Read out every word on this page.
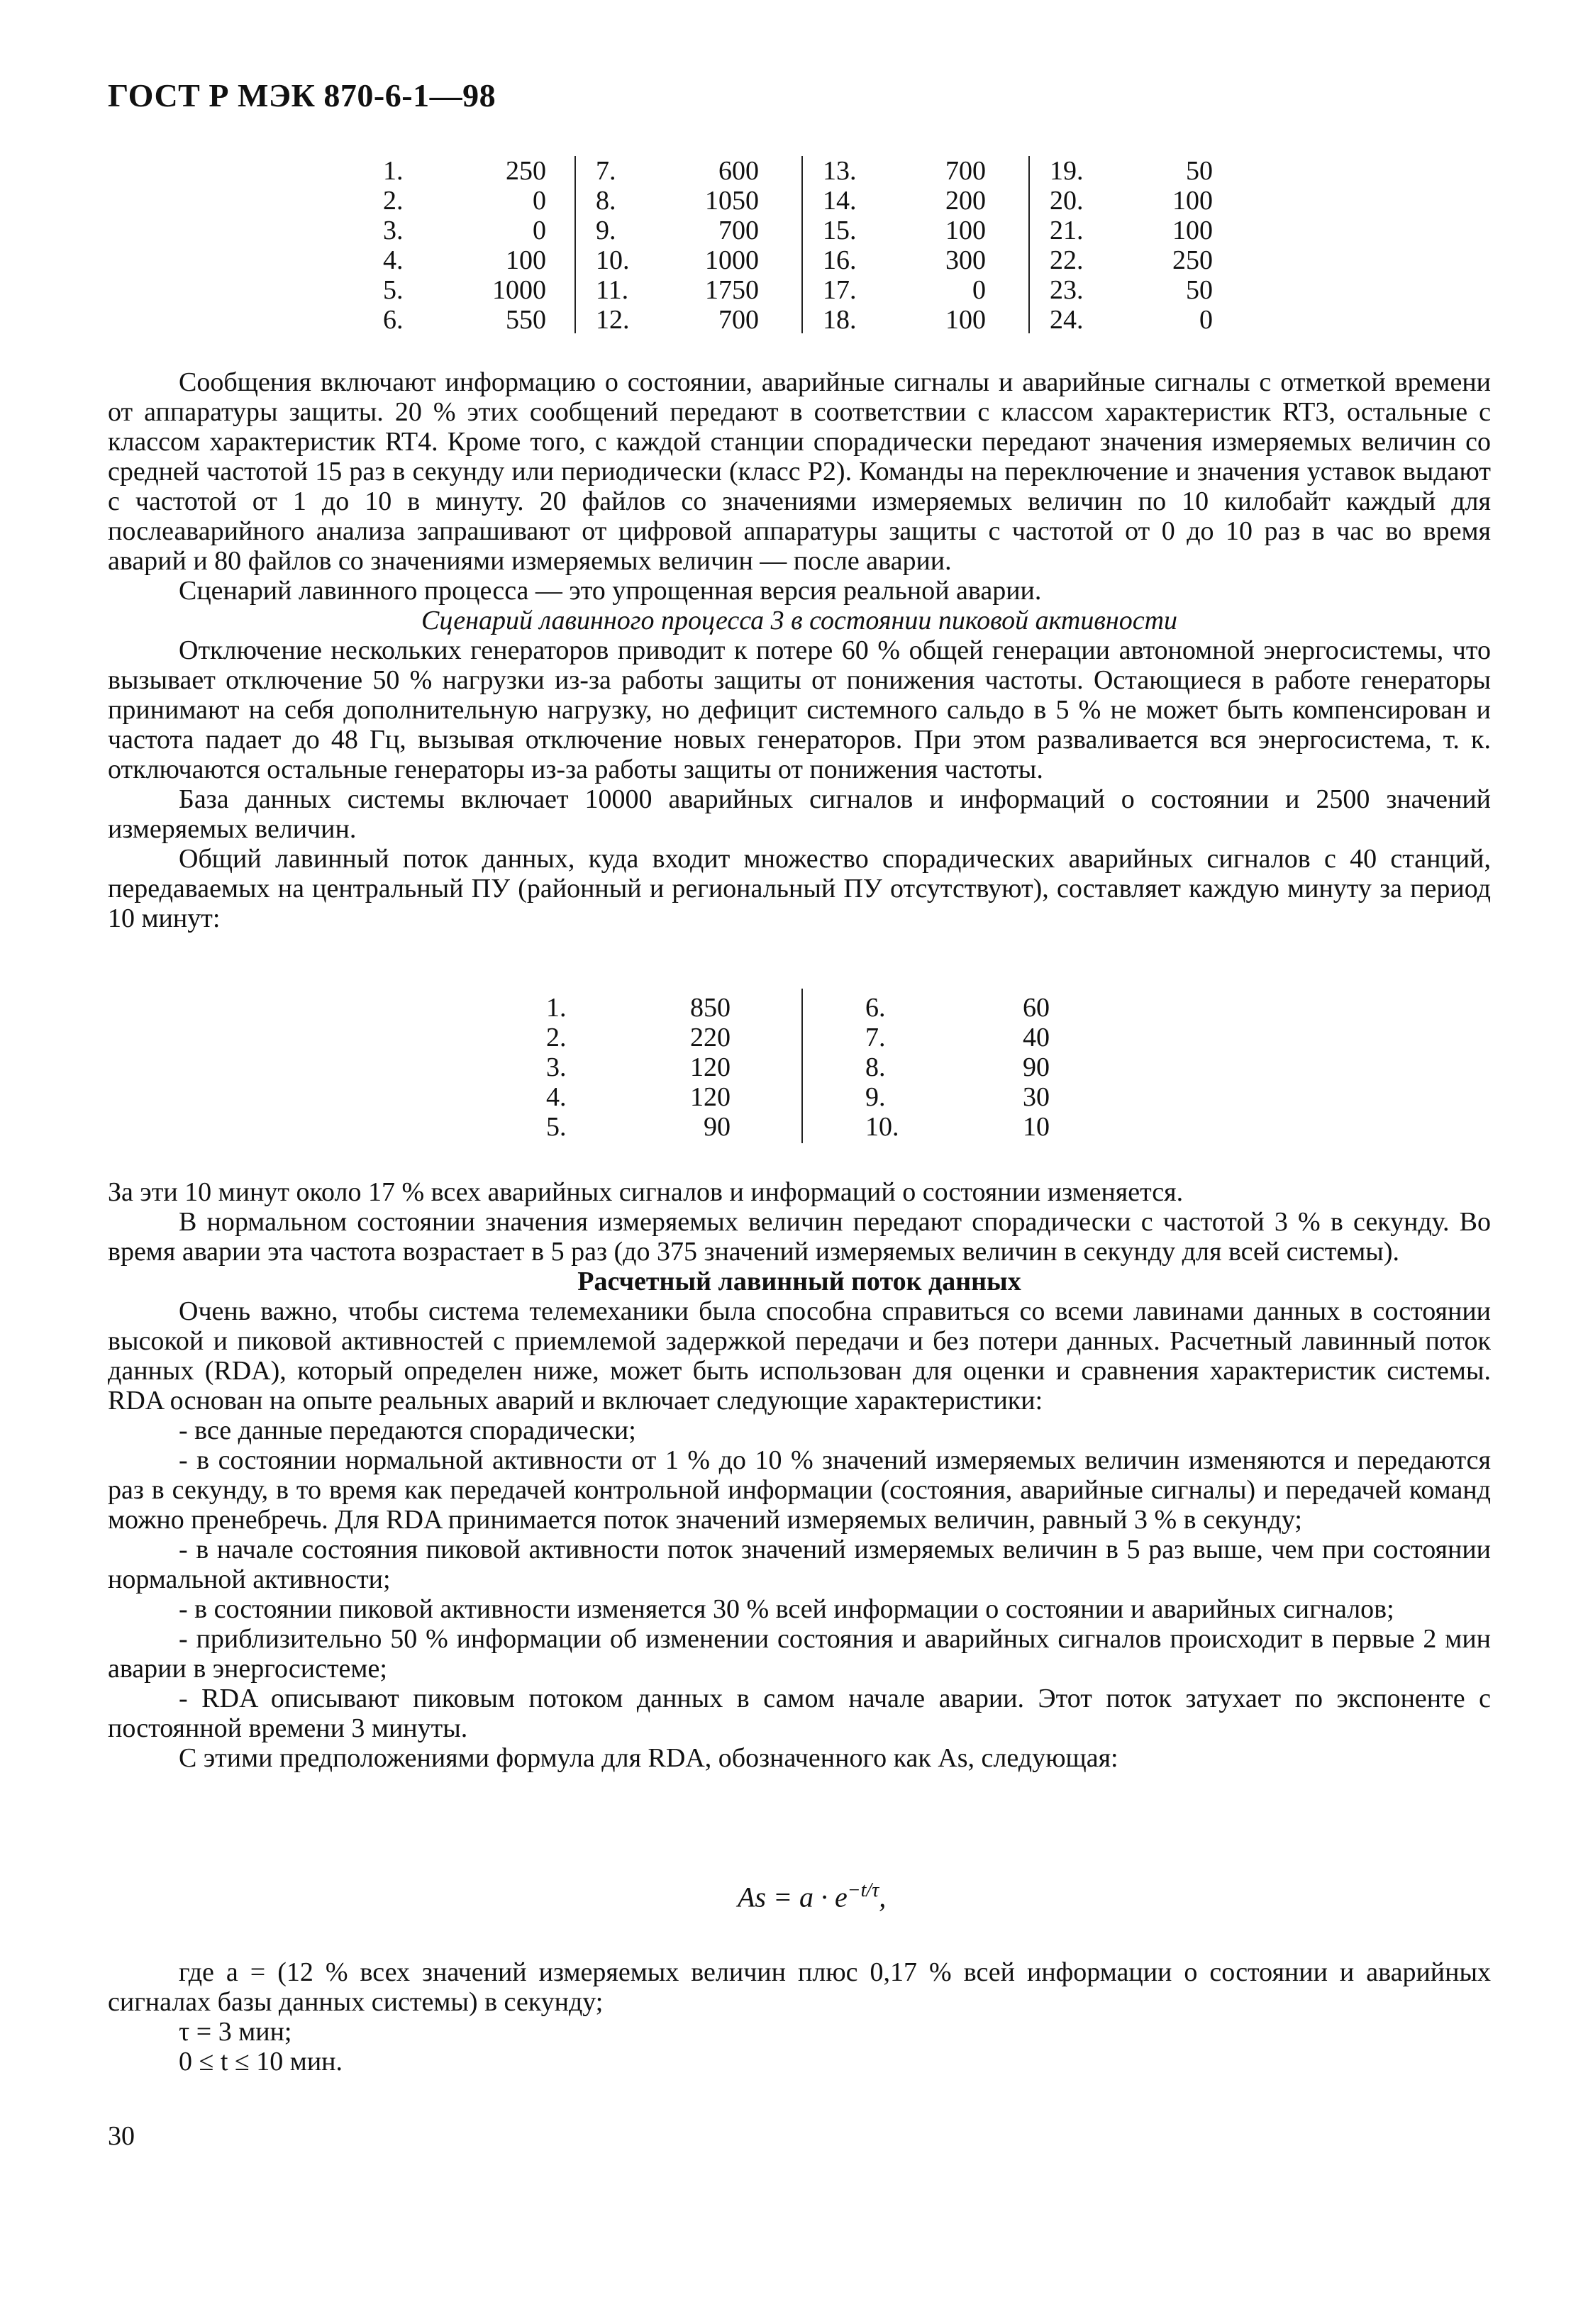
ГОСТ Р МЭК 870-6-1—98
1.	250
2.	0
3.	0
4.	100
5.	1000
6.	550
7.	600
8.	1050
9.	700
10.	1000
11.	1750
12.	700
13.	700
14.	200
15.	100
16.	300
17.	0
18.	100
19.	50
20.	100
21.	100
22.	250
23.	50
24.	0

Сообщения включают информацию о состоянии, аварийные сигналы и аварийные сигналы с отметкой времени от аппаратуры защиты. 20 % этих сообщений передают в соответствии с классом характеристик RT3, остальные с классом характеристик RT4. Кроме того, с каждой станции спорадически передают значения измеряемых величин со средней частотой 15 раз в секунду или периодически (класс P2). Команды на переключение и значения уставок выдают с частотой от 1 до 10 в минуту. 20 файлов со значениями измеряемых величин по 10 килобайт каждый для послеаварийного анализа запрашивают от цифровой аппаратуры защиты с частотой от 0 до 10 раз в час во время аварий и 80 файлов со значениями измеряемых величин — после аварии.

Сценарий лавинного процесса — это упрощенная версия реальной аварии.

Сценарий лавинного процесса 3 в состоянии пиковой активности

Отключение нескольких генераторов приводит к потере 60 % общей генерации автономной энергосистемы, что вызывает отключение 50 % нагрузки из-за работы защиты от понижения частоты. Остающиеся в работе генераторы принимают на себя дополнительную нагрузку, но дефицит системного сальдо в 5 % не может быть компенсирован и частота падает до 48 Гц, вызывая отключение новых генераторов. При этом разваливается вся энергосистема, т. к. отключаются остальные генераторы из-за работы защиты от понижения частоты.

База данных системы включает 10000 аварийных сигналов и информаций о состоянии и 2500 значений измеряемых величин.

Общий лавинный поток данных, куда входит множество спорадических аварийных сигналов с 40 станций, передаваемых на центральный ПУ (районный и региональный ПУ отсутствуют), составляет каждую минуту за период 10 минут:

1.	850
2.	220
3.	120
4.	120
5.	90
6.	60
7.	40
8.	90
9.	30
10.	10

За эти 10 минут около 17 % всех аварийных сигналов и информаций о состоянии изменяется.

В нормальном состоянии значения измеряемых величин передают спорадически с частотой 3 % в секунду. Во время аварии эта частота возрастает в 5 раз (до 375 значений измеряемых величин в секунду для всей системы).

Расчетный лавинный поток данных

Очень важно, чтобы система телемеханики была способна справиться со всеми лавинами данных в состоянии высокой и пиковой активностей с приемлемой задержкой передачи и без потери данных. Расчетный лавинный поток данных (RDA), который определен ниже, может быть использован для оценки и сравнения характеристик системы. RDA основан на опыте реальных аварий и включает следующие характеристики:

- все данные передаются спорадически;

- в состоянии нормальной активности от 1 % до 10 % значений измеряемых величин изменяются и передаются раз в секунду, в то время как передачей контрольной информации (состояния, аварийные сигналы) и передачей команд можно пренебречь. Для RDA принимается поток значений измеряемых величин, равный 3 % в секунду;

- в начале состояния пиковой активности поток значений измеряемых величин в 5 раз выше, чем при состоянии нормальной активности;

- в состоянии пиковой активности изменяется 30 % всей информации о состоянии и аварийных сигналов;

- приблизительно 50 % информации об изменении состояния и аварийных сигналов происходит в первые 2 мин аварии в энергосистеме;

- RDA описывают пиковым потоком данных в самом начале аварии. Этот поток затухает по экспоненте с постоянной времени 3 минуты.

С этими предположениями формула для RDA, обозначенного как As, следующая:

$As = a \cdot e^{-t/\tau}$,

где a = (12 % всех значений измеряемых величин плюс 0,17 % всей информации о состоянии и аварийных сигналах базы данных системы) в секунду;

τ = 3 мин;

0 ≤ t ≤ 10 мин.

30
